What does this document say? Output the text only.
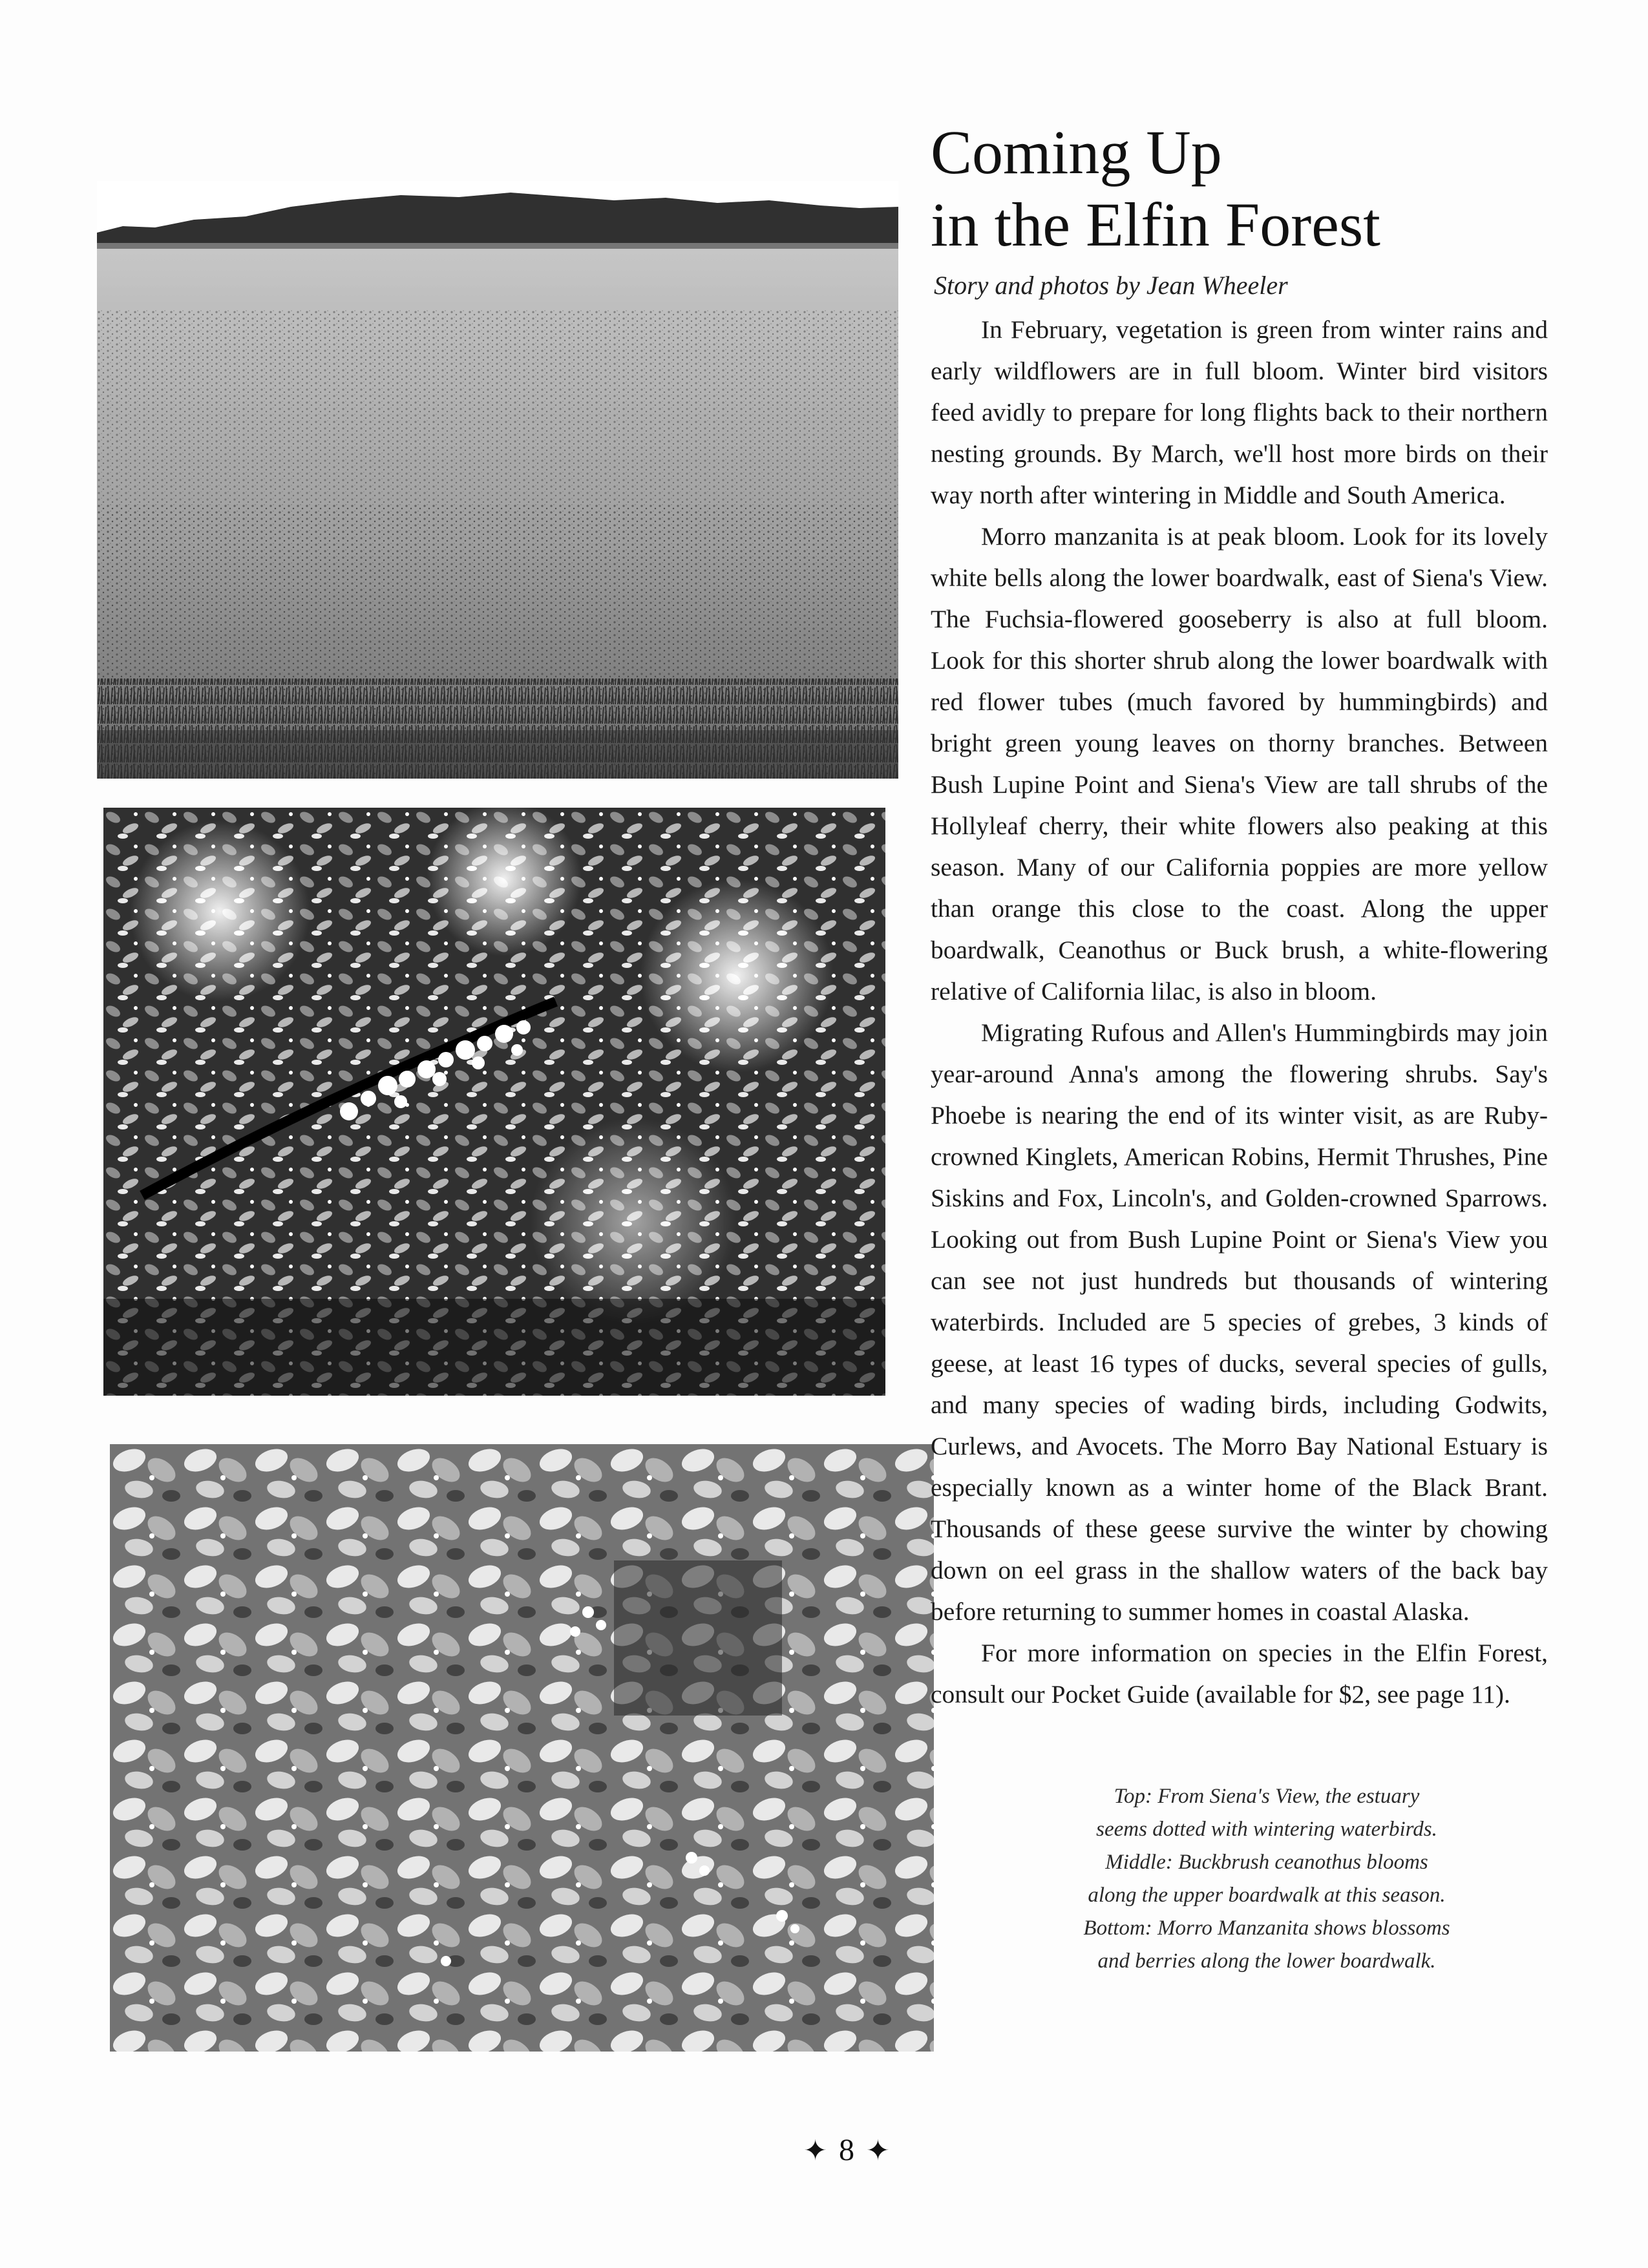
Coming Up
in the Elfin Forest
Story and photos by Jean Wheeler

In February, vegetation is green from winter rains and early wildflowers are in full bloom. Winter bird visitors feed avidly to prepare for long flights back to their northern nesting grounds. By March, we'll host more birds on their way north after wintering in Middle and South America.

Morro manzanita is at peak bloom. Look for its lovely white bells along the lower boardwalk, east of Siena's View. The Fuchsia-flowered gooseberry is also at full bloom. Look for this shorter shrub along the lower boardwalk with red flower tubes (much favored by hummingbirds) and bright green young leaves on thorny branches. Between Bush Lupine Point and Siena's View are tall shrubs of the Hollyleaf cherry, their white flowers also peaking at this season. Many of our California poppies are more yellow than orange this close to the coast. Along the upper boardwalk, Ceanothus or Buck brush, a white-flowering relative of California lilac, is also in bloom.

Migrating Rufous and Allen's Hummingbirds may join year-around Anna's among the flowering shrubs. Say's Phoebe is nearing the end of its winter visit, as are Ruby-crowned Kinglets, American Robins, Hermit Thrushes, Pine Siskins and Fox, Lincoln's, and Golden-crowned Sparrows. Looking out from Bush Lupine Point or Siena's View you can see not just hundreds but thousands of wintering waterbirds. Included are 5 species of grebes, 3 kinds of geese, at least 16 types of ducks, several species of gulls, and many species of wading birds, including Godwits, Curlews, and Avocets. The Morro Bay National Estuary is especially known as a winter home of the Black Brant. Thousands of these geese survive the winter by chowing down on eel grass in the shallow waters of the back bay before returning to summer homes in coastal Alaska.

For more information on species in the Elfin Forest, consult our Pocket Guide (available for $2, see page 11).

Top: From Siena's View, the estuary
seems dotted with wintering waterbirds.
Middle: Buckbrush ceanothus blooms
along the upper boardwalk at this season.
Bottom: Morro Manzanita shows blossoms
and berries along the lower boardwalk.
✦ 8 ✦
